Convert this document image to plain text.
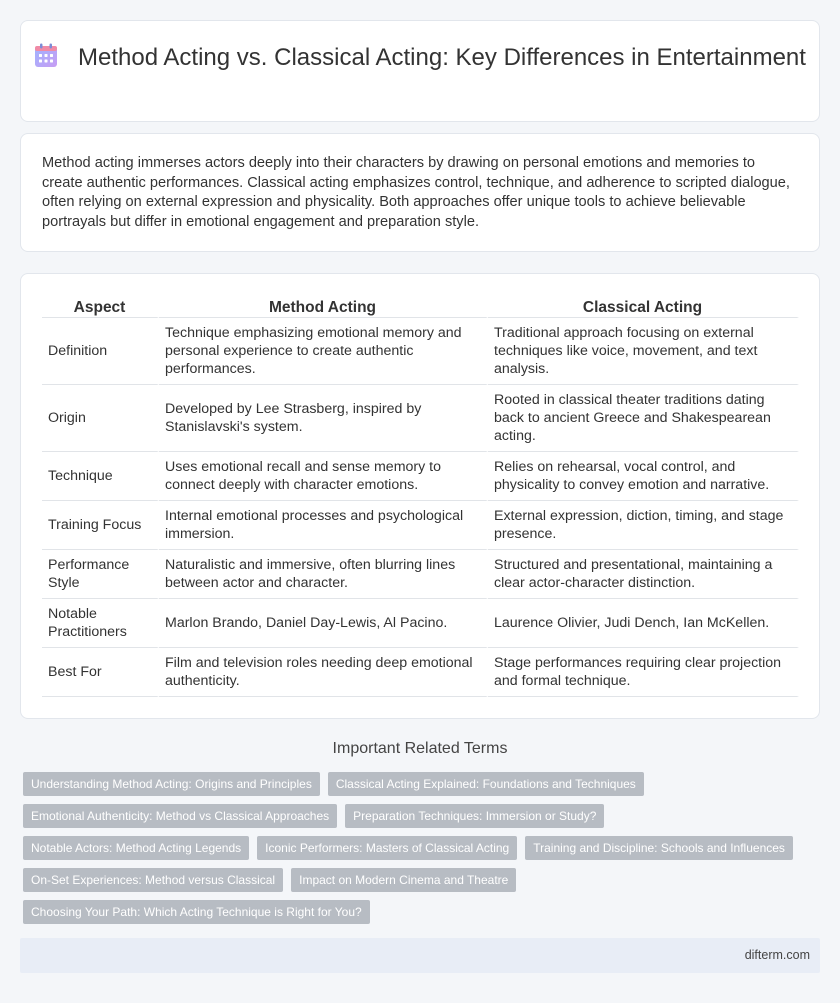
Method Acting vs. Classical Acting: Key Differences in Entertainment

Method acting immerses actors deeply into their characters by drawing on personal emotions and memories to create authentic performances. Classical acting emphasizes control, technique, and adherence to scripted dialogue, often relying on external expression and physicality. Both approaches offer unique tools to achieve believable portrayals but differ in emotional engagement and preparation style.

Aspect	Method Acting	Classical Acting
Definition	Technique emphasizing emotional memory and personal experience to create authentic performances.	Traditional approach focusing on external techniques like voice, movement, and text analysis.
Origin	Developed by Lee Strasberg, inspired by Stanislavski's system.	Rooted in classical theater traditions dating back to ancient Greece and Shakespearean acting.
Technique	Uses emotional recall and sense memory to connect deeply with character emotions.	Relies on rehearsal, vocal control, and physicality to convey emotion and narrative.
Training Focus	Internal emotional processes and psychological immersion.	External expression, diction, timing, and stage presence.
Performance Style	Naturalistic and immersive, often blurring lines between actor and character.	Structured and presentational, maintaining a clear actor-character distinction.
Notable Practitioners	Marlon Brando, Daniel Day-Lewis, Al Pacino.	Laurence Olivier, Judi Dench, Ian McKellen.
Best For	Film and television roles needing deep emotional authenticity.	Stage performances requiring clear projection and formal technique.
Important Related Terms
Understanding Method Acting: Origins and Principles Classical Acting Explained: Foundations and Techniques
Emotional Authenticity: Method vs Classical Approaches Preparation Techniques: Immersion or Study?
Notable Actors: Method Acting Legends Iconic Performers: Masters of Classical Acting Training and Discipline: Schools and Influences
On-Set Experiences: Method versus Classical Impact on Modern Cinema and Theatre
Choosing Your Path: Which Acting Technique is Right for You?
difterm.com
